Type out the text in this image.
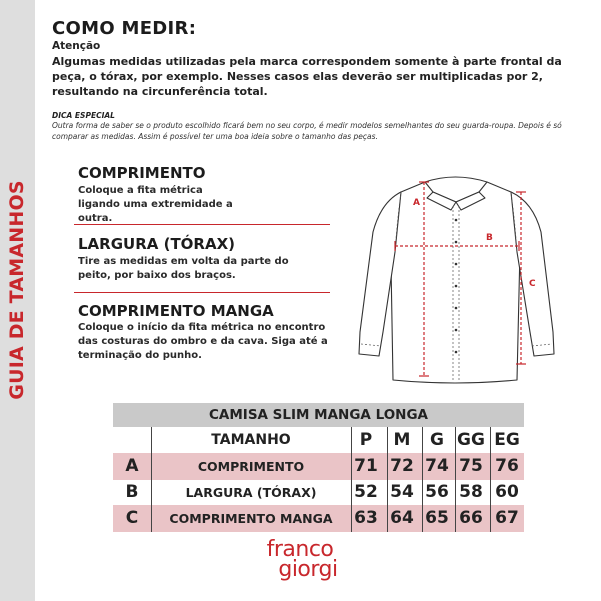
GUIA DE TAMANHOS
COMO MEDIR:
Atenção
Algumas medidas utilizadas pela marca correspondem somente à parte frontal da peça, o tórax, por exemplo. Nesses casos elas deverão ser multiplicadas por 2, resultando na circunferência total.
DICA ESPECIAL
Outra forma de saber se o produto escolhido ficará bem no seu corpo, é medir modelos semelhantes do seu guarda-roupa. Depois é só comparar as medidas. Assim é possível ter uma boa ideia sobre o tamanho das peças.
COMPRIMENTO
Coloque a fita métrica ligando uma extremidade a outra.
LARGURA (TÓRAX)
Tire as medidas em volta da parte do peito, por baixo dos braços.
COMPRIMENTO MANGA
Coloque o início da fita métrica no encontro das costuras do ombro e da cava. Siga até a terminação do punho.
A
B
C
CAMISA SLIM MANGA LONGA
TAMANHO	P	M	G GG EG
A	COMPRIMENTO	71 72 74 75 76
B	LARGURA (TÓRAX)	52 54 56 58 60
C	COMPRIMENTO MANGA	63 64 65 66 67
franco
giorgi
